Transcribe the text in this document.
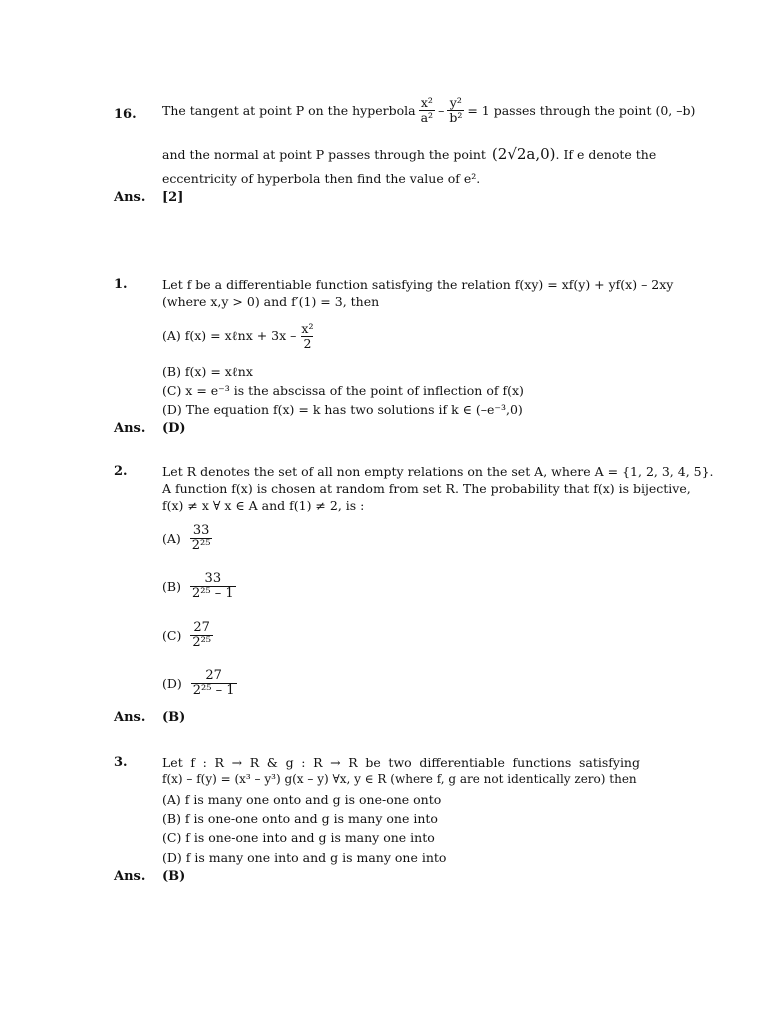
16. The tangent at point P on the hyperbola $\frac{\text{x²}}{\text{a²}} - \frac{\text{y²}}{\text{b²}} = 1$ passes through the point (0, –b)
and the normal at point P passes through the point (2√2a,0) . If e denote the
eccentricity of hyperbola then find the value of e².
Ans. [2]
1.	Let f be a differentiable function satisfying the relation f(xy) = xf(y) + yf(x) – 2xy
(where x,y > 0) and f′(1) = 3, then
(A) f(x) = xℓnx + $3x - \frac{\text{x²}}{2}$
(B) f(x) = xℓnx
(C) x = e⁻³ is the abscissa of the point of inflection of f(x)
(D) The equation f(x) = k has two solutions if k ∈ (–e⁻³,0)
Ans. (D)
2.	Let R denotes the set of all non empty relations on the set A, where A = {1, 2, 3, 4, 5}.
A function f(x) is chosen at random from set R. The probability that f(x) is bijective,
f(x) ≠ x ∀ x ∈ A and f(1) ≠ 2, is :
$(A) \frac{33}{\text{2²⁵}}$
$(B) \frac{33}{\text{2²⁵ – 1}}$
$(C) \frac{27}{\text{2²⁵}}$
$(D) \frac{27}{\text{2²⁵ – 1}}$
Ans. (B)
3.	Let f : R → R & g : R → R be two differentiable functions satisfying
f(x) – f(y) = (x³ – y³) g(x – y) ∀x, y ∈ R (where f, g are not identically zero) then
(A) f is many one onto and g is one-one onto
(B) f is one-one onto and g is many one into
(C) f is one-one into and g is many one into
(D) f is many one into and g is many one into
Ans. (B)
